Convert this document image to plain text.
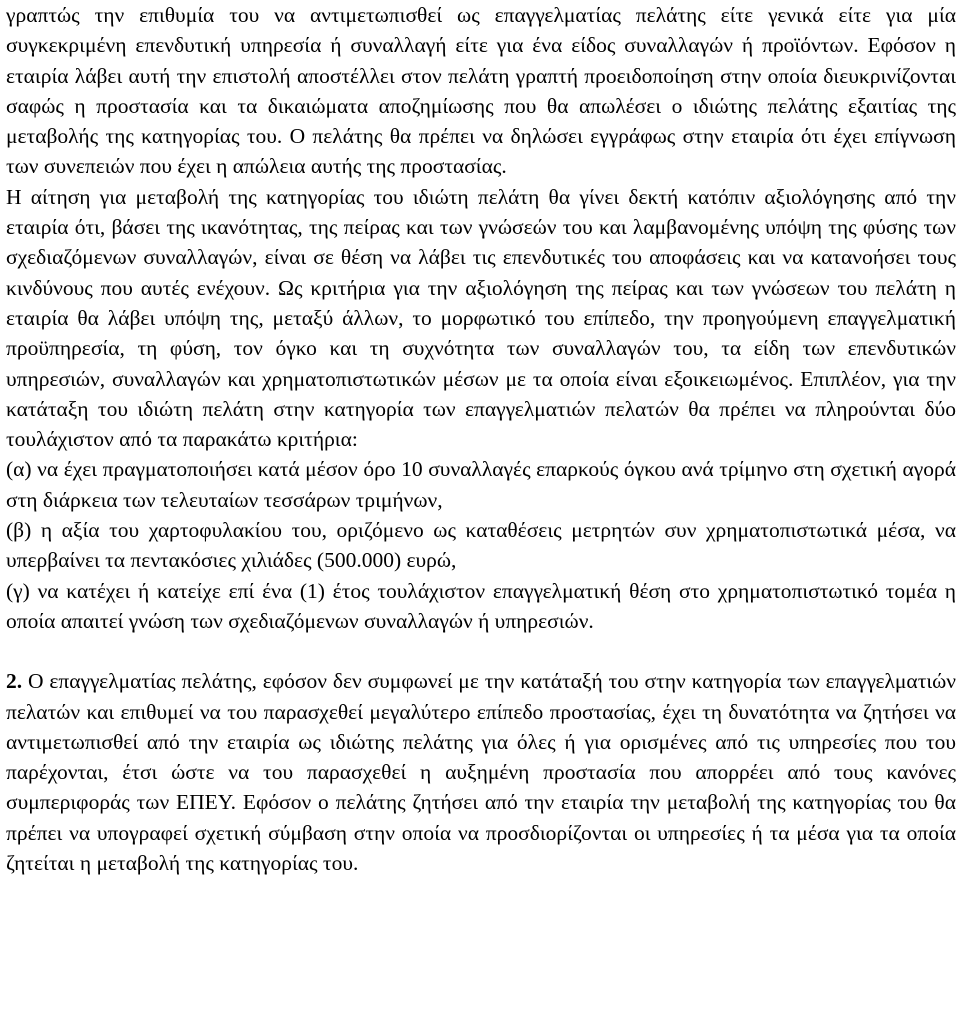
γραπτώς την επιθυμία του να αντιμετωπισθεί ως επαγγελματίας πελάτης είτε γενικά είτε για μία συγκεκριμένη επενδυτική υπηρεσία ή συναλλαγή είτε για ένα είδος συναλλαγών ή προϊόντων. Εφόσον η εταιρία λάβει αυτή την επιστολή αποστέλλει στον πελάτη γραπτή προειδοποίηση στην οποία διευκρινίζονται σαφώς η προστασία και τα δικαιώματα αποζημίωσης που θα απωλέσει ο ιδιώτης πελάτης εξαιτίας της μεταβολής της κατηγορίας του. Ο πελάτης θα πρέπει να δηλώσει εγγράφως στην εταιρία ότι έχει επίγνωση των συνεπειών που έχει η απώλεια αυτής της προστασίας.

Η αίτηση για μεταβολή της κατηγορίας του ιδιώτη πελάτη θα γίνει δεκτή κατόπιν αξιολόγησης από την εταιρία ότι, βάσει της ικανότητας, της πείρας και των γνώσεών του και λαμβανομένης υπόψη της φύσης των σχεδιαζόμενων συναλλαγών, είναι σε θέση να λάβει τις επενδυτικές του αποφάσεις και να κατανοήσει τους κινδύνους που αυτές ενέχουν. Ως κριτήρια για την αξιολόγηση της πείρας και των γνώσεων του πελάτη η εταιρία θα λάβει υπόψη της, μεταξύ άλλων, το μορφωτικό του επίπεδο, την προηγούμενη επαγγελματική προϋπηρεσία, τη φύση, τον όγκο και τη συχνότητα των συναλλαγών του, τα είδη των επενδυτικών υπηρεσιών, συναλλαγών και χρηματοπιστωτικών μέσων με τα οποία είναι εξοικειωμένος. Επιπλέον, για την κατάταξη του ιδιώτη πελάτη στην κατηγορία των επαγγελματιών πελατών θα πρέπει να πληρούνται δύο τουλάχιστον από τα παρακάτω κριτήρια:

(α) να έχει πραγματοποιήσει κατά μέσον όρο 10 συναλλαγές επαρκούς όγκου ανά τρίμηνο στη σχετική αγορά στη διάρκεια των τελευταίων τεσσάρων τριμήνων,

(β) η αξία του χαρτοφυλακίου του, οριζόμενο ως καταθέσεις μετρητών συν χρηματοπιστωτικά μέσα, να υπερβαίνει τα πεντακόσιες χιλιάδες (500.000) ευρώ,

(γ) να κατέχει ή κατείχε επί ένα (1) έτος τουλάχιστον επαγγελματική θέση στο χρηματοπιστωτικό τομέα η οποία απαιτεί γνώση των σχεδιαζόμενων συναλλαγών ή υπηρεσιών.

2. Ο επαγγελματίας πελάτης, εφόσον δεν συμφωνεί με την κατάταξή του στην κατηγορία των επαγγελματιών πελατών και επιθυμεί να του παρασχεθεί μεγαλύτερο επίπεδο προστασίας, έχει τη δυνατότητα να ζητήσει να αντιμετωπισθεί από την εταιρία ως ιδιώτης πελάτης για όλες ή για ορισμένες από τις υπηρεσίες που του παρέχονται, έτσι ώστε να του παρασχεθεί η αυξημένη προστασία που απορρέει από τους κανόνες συμπεριφοράς των ΕΠΕΥ. Εφόσον ο πελάτης ζητήσει από την εταιρία την μεταβολή της κατηγορίας του θα πρέπει να υπογραφεί σχετική σύμβαση στην οποία να προσδιορίζονται οι υπηρεσίες ή τα μέσα για τα οποία ζητείται η μεταβολή της κατηγορίας του.
